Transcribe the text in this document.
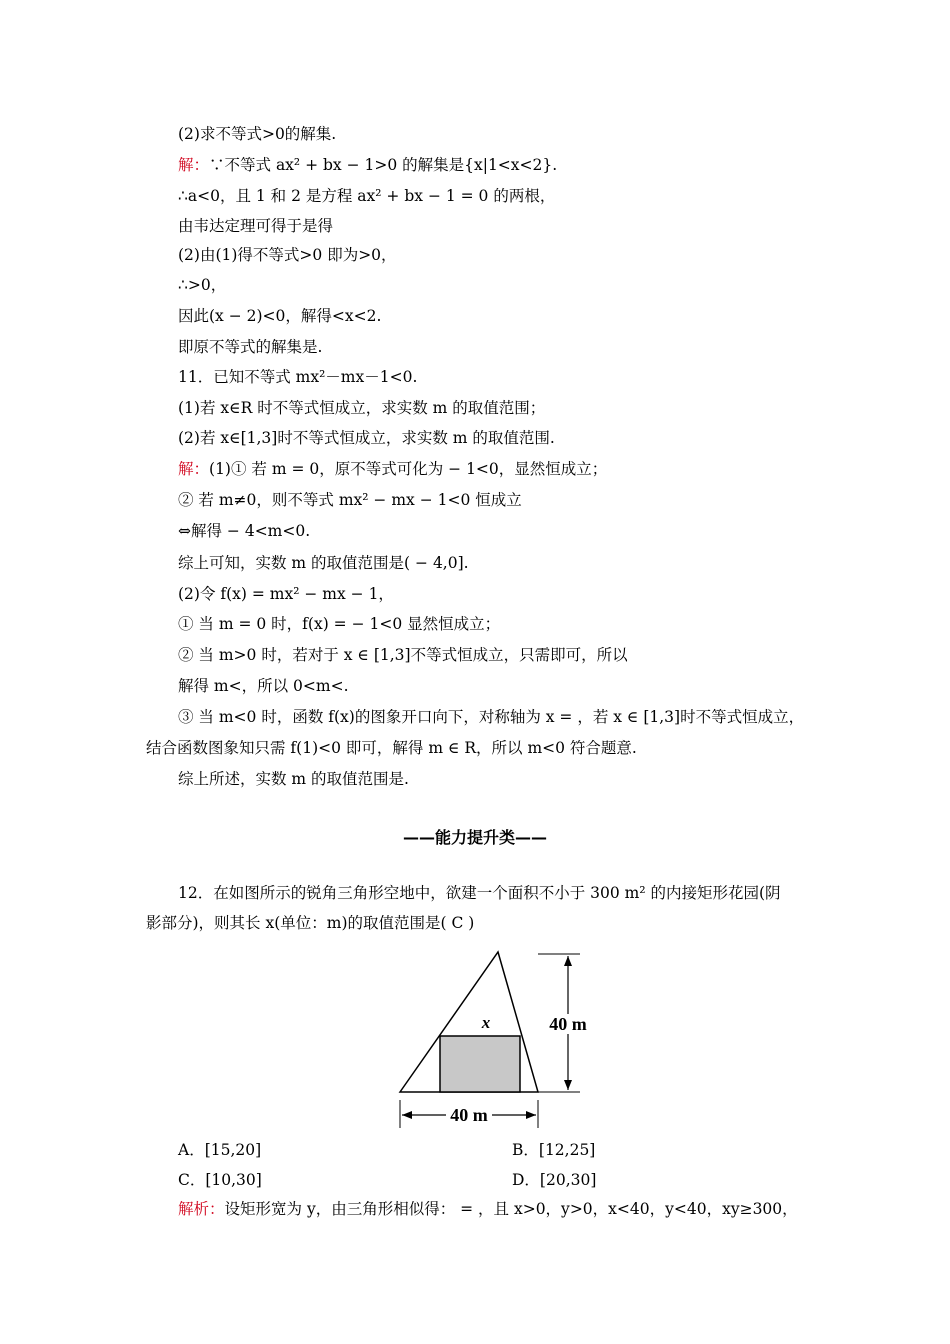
(2)求不等式>0的解集.
解：∵不等式 ax² + bx − 1>0 的解集是{x|1<x<2}.
∴a<0，且 1 和 2 是方程 ax² + bx − 1 = 0 的两根，
由韦达定理可得于是得
(2)由(1)得不等式>0 即为>0，
∴>0，
因此(x − 2)<0，解得<x<2.
即原不等式的解集是.
11．已知不等式 mx²－mx－1<0.
(1)若 x∈R 时不等式恒成立，求实数 m 的取值范围；
(2)若 x∈[1,3]时不等式恒成立，求实数 m 的取值范围.
解：(1)① 若 m = 0，原不等式可化为 − 1<0，显然恒成立；
② 若 m≠0，则不等式 mx² − mx − 1<0 恒成立
⇔解得 − 4<m<0.
综上可知，实数 m 的取值范围是( − 4,0].
(2)令 f(x) = mx² − mx − 1，
① 当 m = 0 时，f(x) = − 1<0 显然恒成立；
② 当 m>0 时，若对于 x ∈ [1,3]不等式恒成立，只需即可，所以
解得 m<，所以 0<m<.
③ 当 m<0 时，函数 f(x)的图象开口向下，对称轴为 x = ，若 x ∈ [1,3]时不等式恒成立，
结合函数图象知只需 f(1)<0 即可，解得 m ∈ R，所以 m<0 符合题意.
综上所述，实数 m 的取值范围是.
——能力提升类——
12．在如图所示的锐角三角形空地中，欲建一个面积不小于 300 m² 的内接矩形花园(阴
影部分)，则其长 x(单位：m)的取值范围是( C )
40 m
x
40 m
A．[15,20]	B．[12,25]
C．[10,30]	D．[20,30]
解析：设矩形宽为 y，由三角形相似得： = ，且 x>0，y>0，x<40，y<40，xy≥300，
